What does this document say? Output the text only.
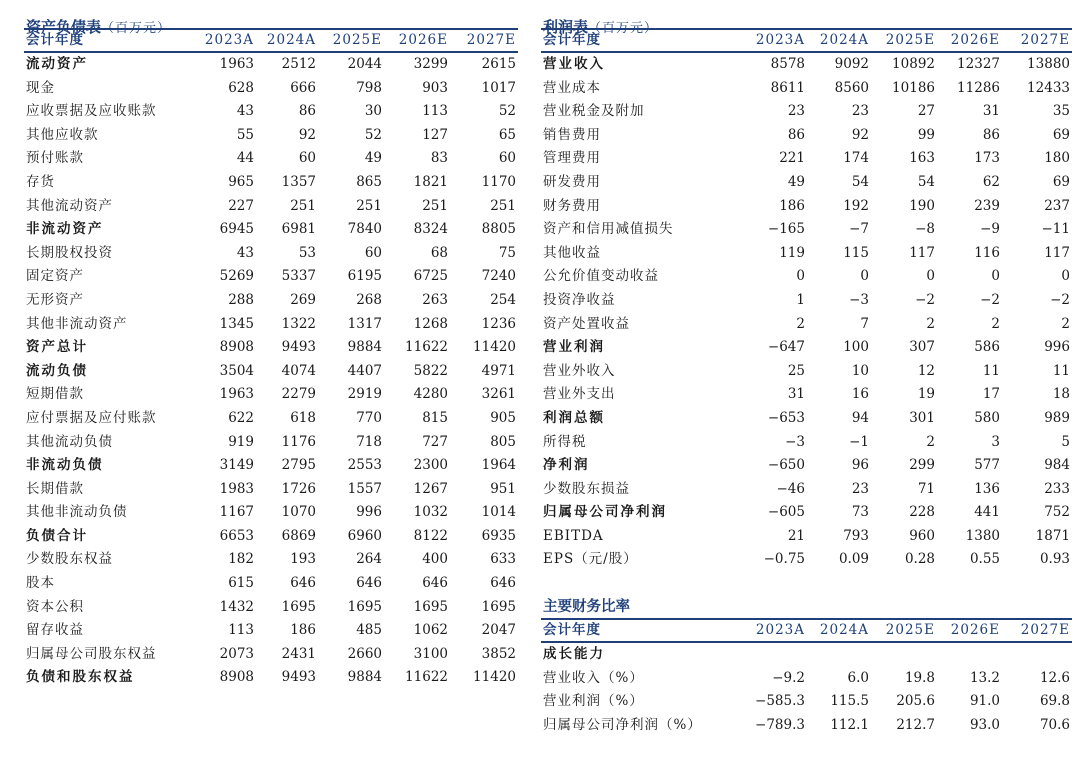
资产负债表（百万元）
会计年度	2023A	2024A	2025E	2026E	2027E
流动资产	1963	2512	2044	3299	2615
现金	628	666	798	903	1017
应收票据及应收账款	43	86	30	113	52
其他应收款	55	92	52	127	65
预付账款	44	60	49	83	60
存货	965	1357	865	1821	1170
其他流动资产	227	251	251	251	251
非流动资产	6945	6981	7840	8324	8805
长期股权投资	43	53	60	68	75
固定资产	5269	5337	6195	6725	7240
无形资产	288	269	268	263	254
其他非流动资产	1345	1322	1317	1268	1236
资产总计	8908	9493	9884	11622	11420
流动负债	3504	4074	4407	5822	4971
短期借款	1963	2279	2919	4280	3261
应付票据及应付账款	622	618	770	815	905
其他流动负债	919	1176	718	727	805
非流动负债	3149	2795	2553	2300	1964
长期借款	1983	1726	1557	1267	951
其他非流动负债	1167	1070	996	1032	1014
负债合计	6653	6869	6960	8122	6935
少数股东权益	182	193	264	400	633
股本	615	646	646	646	646
资本公积	1432	1695	1695	1695	1695
留存收益	113	186	485	1062	2047
归属母公司股东权益	2073	2431	2660	3100	3852
负债和股东权益	8908	9493	9884	11622	11420
利润表（百万元）
会计年度	2023A	2024A	2025E	2026E	2027E
营业收入	8578	9092	10892	12327	13880
营业成本	8611	8560	10186	11286	12433
营业税金及附加	23	23	27	31	35
销售费用	86	92	99	86	69
管理费用	221	174	163	173	180
研发费用	49	54	54	62	69
财务费用	186	192	190	239	237
资产和信用减值损失	−165	−7	−8	−9	−11
其他收益	119	115	117	116	117
公允价值变动收益	0	0	0	0	0
投资净收益	1	−3	−2	−2	−2
资产处置收益	2	7	2	2	2
营业利润	−647	100	307	586	996
营业外收入	25	10	12	11	11
营业外支出	31	16	19	17	18
利润总额	−653	94	301	580	989
所得税	−3	−1	2	3	5
净利润	−650	96	299	577	984
少数股东损益	−46	23	71	136	233
归属母公司净利润	−605	73	228	441	752
EBITDA	21	793	960	1380	1871
EPS（元/股）	−0.75	0.09	0.28	0.55	0.93
主要财务比率
会计年度	2023A	2024A	2025E	2026E	2027E
成长能力					
营业收入（%）	−9.2	6.0	19.8	13.2	12.6
营业利润（%）	−585.3	115.5	205.6	91.0	69.8
归属母公司净利润（%）	−789.3	112.1	212.7	93.0	70.6
